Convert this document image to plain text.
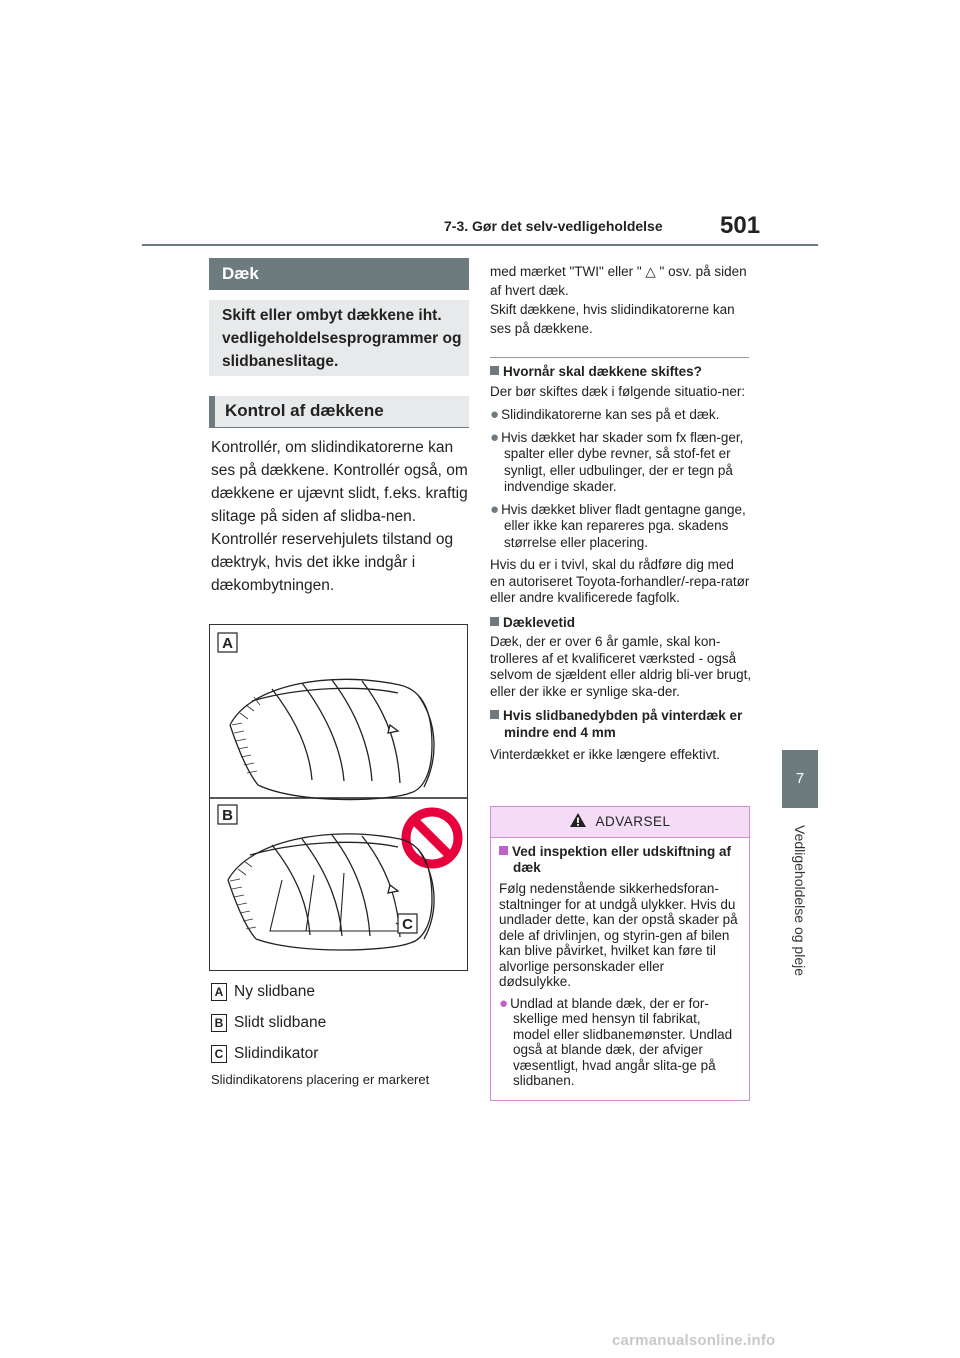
7-3. Gør det selv-vedligeholdelse 501
7
Vedligeholdelse og pleje
Dæk
Skift eller ombyt dækkene iht. vedligeholdelsesprogrammer og slidbaneslitage.
Kontrol af dækkene

Kontrollér, om slidindikatorerne kan ses på dækkene. Kontrollér også, om dækkene er ujævnt slidt, f.eks. kraftig slitage på siden af slidba-nen.

Kontrollér reservehjulets tilstand og dæktryk, hvis det ikke indgår i dækombytningen.

A
B
C
A Ny slidbane
B Slidt slidbane
C Slidindikator
Slidindikatorens placering er markeret

med mærket "TWI" eller " △ " osv. på siden af hvert dæk.

Skift dækkene, hvis slidindikatorerne kan ses på dækkene.

Hvornår skal dækkene skiftes?

Der bør skiftes dæk i følgende situatio-ner:

● Slidindikatorerne kan ses på et dæk.

● Hvis dækket har skader som fx flæn-ger, spalter eller dybe revner, så stof-fet er synligt, eller udbulinger, der er tegn på indvendige skader.

● Hvis dækket bliver fladt gentagne gange, eller ikke kan repareres pga. skadens størrelse eller placering.

Hvis du er i tvivl, skal du rådføre dig med en autoriseret Toyota-forhandler/-repa-ratør eller andre kvalificerede fagfolk.

Dæklevetid

Dæk, der er over 6 år gamle, skal kon-trolleres af et kvalificeret værksted - også selvom de sjældent eller aldrig bli-ver brugt, eller der ikke er synlige ska-der.

Hvis slidbanedybden på vinterdæk er mindre end 4 mm

Vinterdækket er ikke længere effektivt.

ADVARSEL

Ved inspektion eller udskiftning af dæk

Følg nedenstående sikkerhedsforan-staltninger for at undgå ulykker. Hvis du undlader dette, kan der opstå skader på dele af drivlinjen, og styrin-gen af bilen kan blive påvirket, hvilket kan føre til alvorlige personskader eller dødsulykke.

● Undlad at blande dæk, der er for-skellige med hensyn til fabrikat, model eller slidbanemønster. Undlad også at blande dæk, der afviger væsentligt, hvad angår slita-ge på slidbanen.

carmanualsonline.info
